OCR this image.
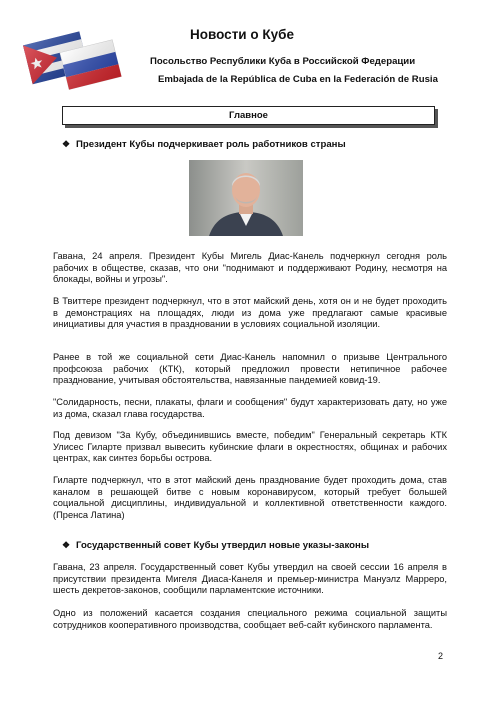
Новости о Кубе
Посольство Республики Куба в Российской Федерации
Embajada de la República de Cuba en la Federación de Rusia
Главное
❖ Президент Кубы подчеркивает роль работников страны
Гавана, 24 апреля. Президент Кубы Мигель Диас-Канель подчеркнул сегодня роль рабочих в обществе, сказав, что они "поднимают и поддерживают Родину, несмотря на блокады, войны и угрозы".
В Твиттере президент подчеркнул, что в этот майский день, хотя он и не будет проходить в демонстрациях на площадях, люди из дома уже предлагают самые красивые инициативы для участия в праздновании в условиях социальной изоляции.
Ранее в той же социальной сети Диас-Канель напомнил о призыве Центрального профсоюза рабочих (КТК), который предложил провести нетипичное рабочее празднование, учитывая обстоятельства, навязанные пандемией ковид-19.
"Солидарность, песни, плакаты, флаги и сообщения" будут характеризовать дату, но уже из дома, сказал глава государства.
Под девизом "За Кубу, объединившись вместе, победим" Генеральный секретарь КТК Улиcес Гиларте призвал вывесить кубинские флаги в окрестностях, общинах и рабочих центрах, как синтез борьбы острова.
Гиларте подчеркнул, что в этот майский день празднование будет проходить дома, став каналом в решающей битве с новым коронавирусом, который требует большей социальной дисциплины, индивидуальной и коллективной ответственности каждого. (Пренса Латина)
❖ Государственный совет Кубы утвердил новые указы-законы
Гавана, 23 апреля. Государственный совет Кубы утвердил на своей сессии 16 апреля в присутствии президента Мигеля Диаса-Канеля и премьер-министра Мануэлz Марреро, шесть декретов-законов, сообщили парламентские источники.
Одно из положений касается создания специального режима социальной защиты сотрудников кооперативного производства, сообщает веб-сайт кубинского парламента.
2
